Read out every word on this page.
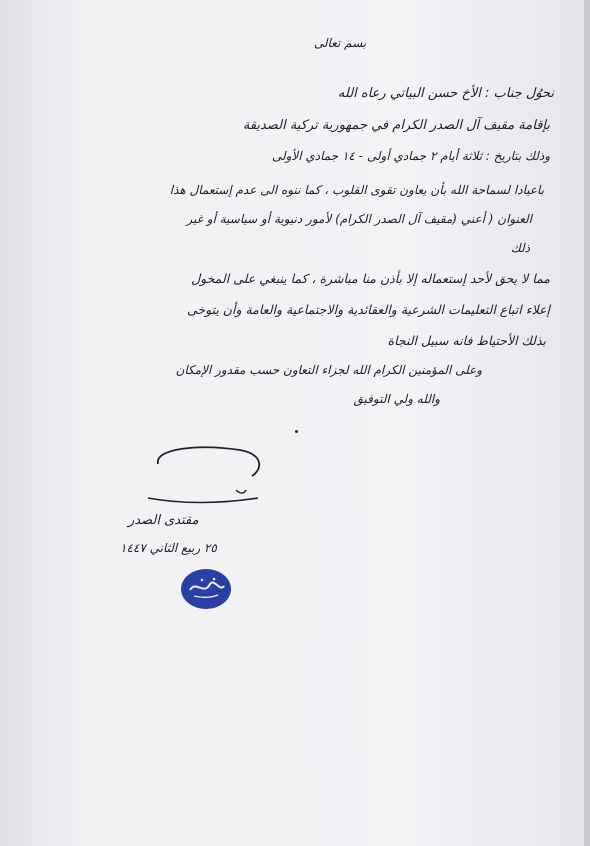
بسم تعالى
نحوُل جناب : الأخ حسن البياتي رعاه الله
بإقامة مقيف آل الصدر الكرام في جمهورية تركية الصديقة
وذلك بتاريخ : ثلاثة أيام ٢ جمادي أولى - ١٤ جمادي الأولى
باعيادا لسماحة الله بأن يعاون تقوى القلوب ، كما ننوه الى عدم إستعمال هذا
العنوان ( أعني (مقيف آل الصدر الكرام) لأمور دنيوية أو سياسية أو غير
ذلك
مما لا يحق لأحد إستعماله إلا بأذن منا مباشرة ، كما ينبغي على المخول
إعلاء اتباع التعليمات الشرعية والعقائدية والاجتماعية والعامة وأن يتوخى
بذلك الأحتياط فانه سبيل النجاة
وعلى المؤمنين الكرام الله لجزاء التعاون حسب مقدور الإمكان
والله ولي التوفيق
مقتدى الصدر
٢٥ ربيع الثاني ١٤٤٧
